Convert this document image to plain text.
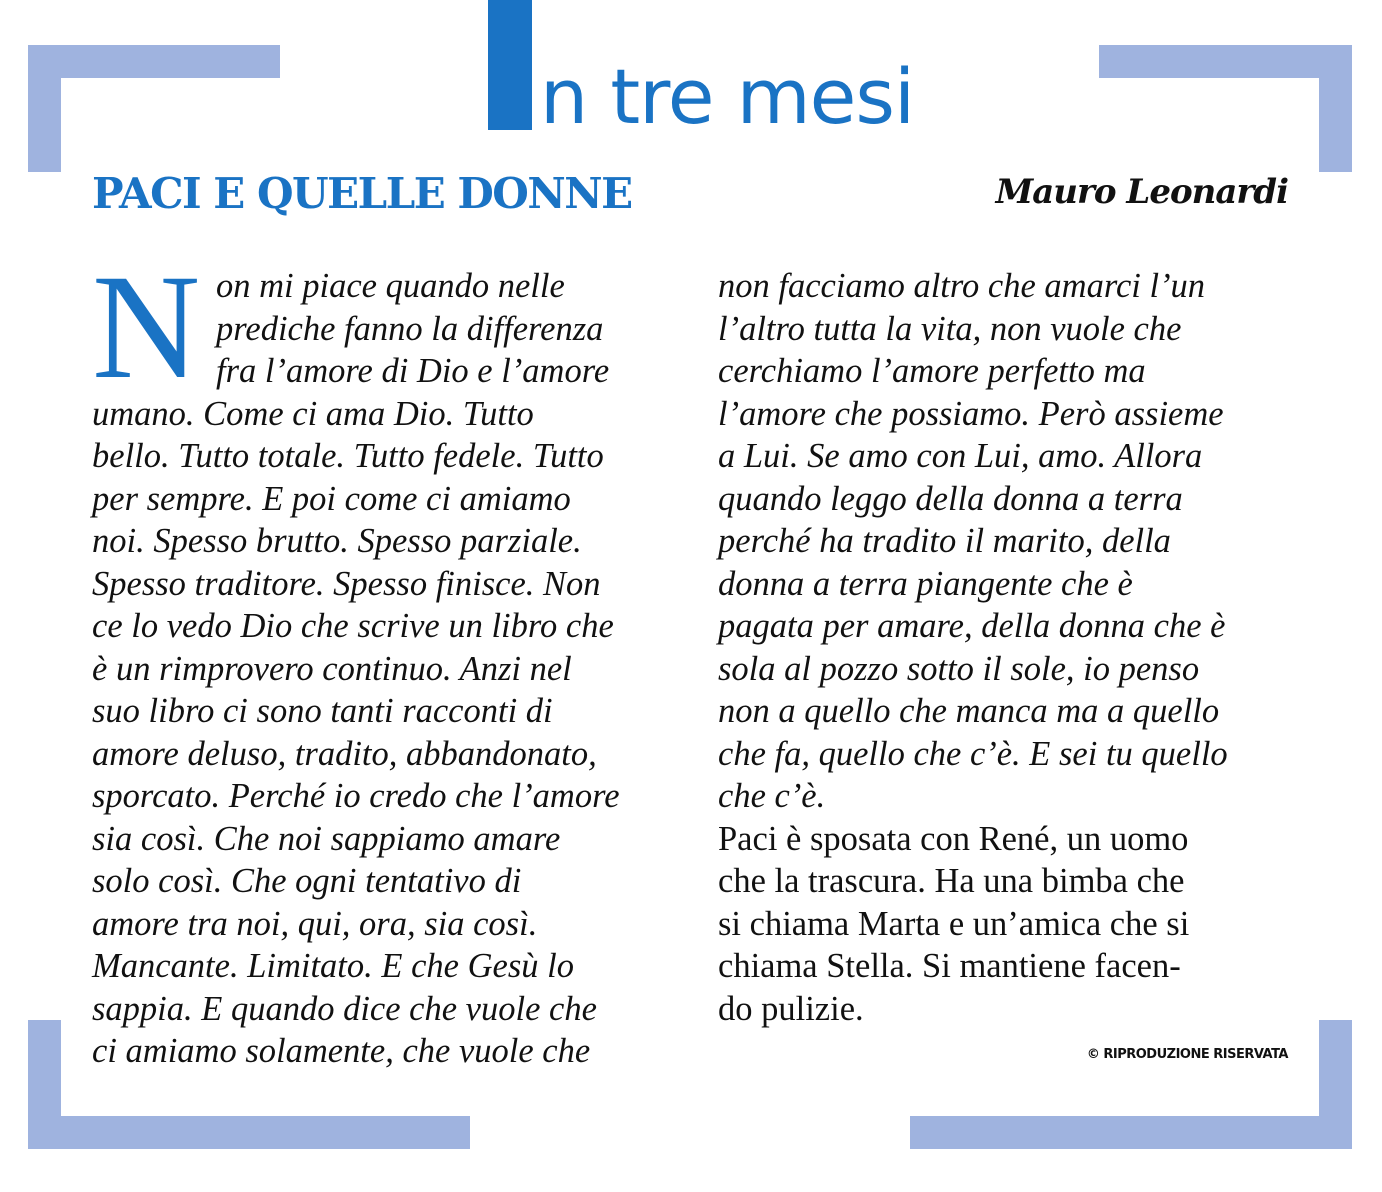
n tre mesi
PACI E QUELLE DONNE	Mauro Leonardi
N on mi piace quando nelle
prediche fanno la differenza
fra l’amore di Dio e l’amore
umano. Come ci ama Dio. Tutto
bello. Tutto totale. Tutto fedele. Tutto
per sempre. E poi come ci amiamo
noi. Spesso brutto. Spesso parziale.
Spesso traditore. Spesso finisce. Non
ce lo vedo Dio che scrive un libro che
è un rimprovero continuo. Anzi nel
suo libro ci sono tanti racconti di
amore deluso, tradito, abbandonato,
sporcato. Perché io credo che l’amore
sia così. Che noi sappiamo amare
solo così. Che ogni tentativo di
amore tra noi, qui, ora, sia così.
Mancante. Limitato. E che Gesù lo
sappia. E quando dice che vuole che
ci amiamo solamente, che vuole che
non facciamo altro che amarci l’un
l’altro tutta la vita, non vuole che
cerchiamo l’amore perfetto ma
l’amore che possiamo. Però assieme
a Lui. Se amo con Lui, amo. Allora
quando leggo della donna a terra
perché ha tradito il marito, della
donna a terra piangente che è
pagata per amare, della donna che è
sola al pozzo sotto il sole, io penso
non a quello che manca ma a quello
che fa, quello che c’è. E sei tu quello
che c’è.
Paci è sposata con René, un uomo
che la trascura. Ha una bimba che
si chiama Marta e un’amica che si
chiama Stella. Si mantiene facen-
do pulizie.
© RIPRODUZIONE RISERVATA
